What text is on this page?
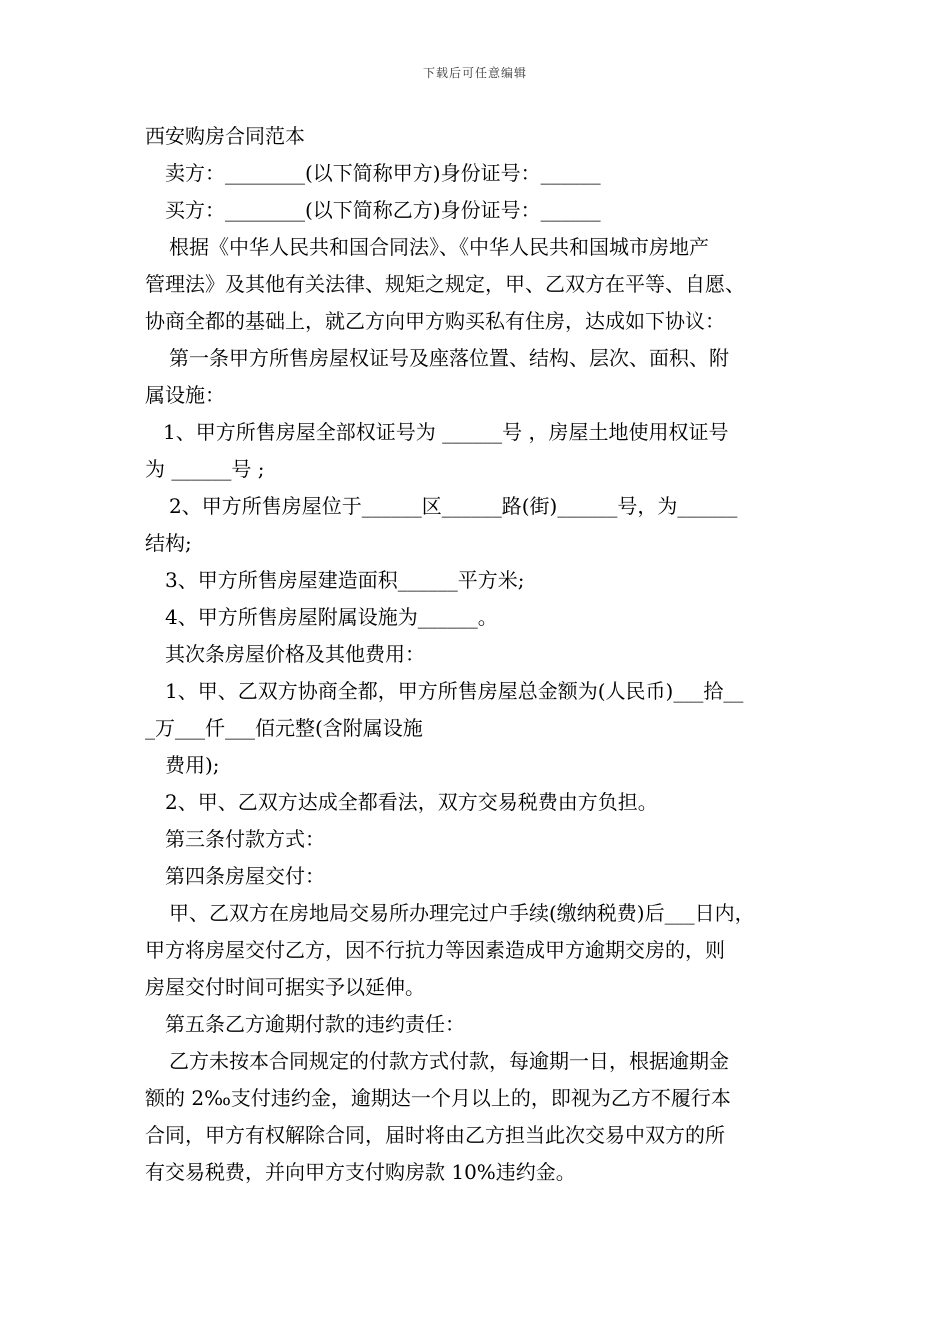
下载后可任意编辑
西安购房合同范本
卖方：________(以下简称甲方)身份证号：______
买方：________(以下简称乙方)身份证号：______
根据《中华人民共和国合同法》、《中华人民共和国城市房地产
管理法》及其他有关法律、规矩之规定，甲、乙双方在平等、自愿、
协商全都的基础上，就乙方向甲方购买私有住房，达成如下协议：
第一条甲方所售房屋权证号及座落位置、结构、层次、面积、附
属设施：
1、甲方所售房屋全部权证号为 ______号 ，房屋土地使用权证号
为 ______号 ;
2、甲方所售房屋位于______区______路(街)______号，为______
结构;
3、甲方所售房屋建造面积______平方米;
4、甲方所售房屋附属设施为______。
其次条房屋价格及其他费用：
1、甲、乙双方协商全都，甲方所售房屋总金额为(人民币)___拾__
_万___仟___佰元整(含附属设施
费用);
2、甲、乙双方达成全都看法，双方交易税费由方负担。
第三条付款方式：
第四条房屋交付：
甲、乙双方在房地局交易所办理完过户手续(缴纳税费)后___日内，
甲方将房屋交付乙方，因不行抗力等因素造成甲方逾期交房的，则
房屋交付时间可据实予以延伸。
第五条乙方逾期付款的违约责任：
乙方未按本合同规定的付款方式付款，每逾期一日，根据逾期金
额的 2‰支付违约金，逾期达一个月以上的，即视为乙方不履行本
合同，甲方有权解除合同，届时将由乙方担当此次交易中双方的所
有交易税费，并向甲方支付购房款 10%违约金。
